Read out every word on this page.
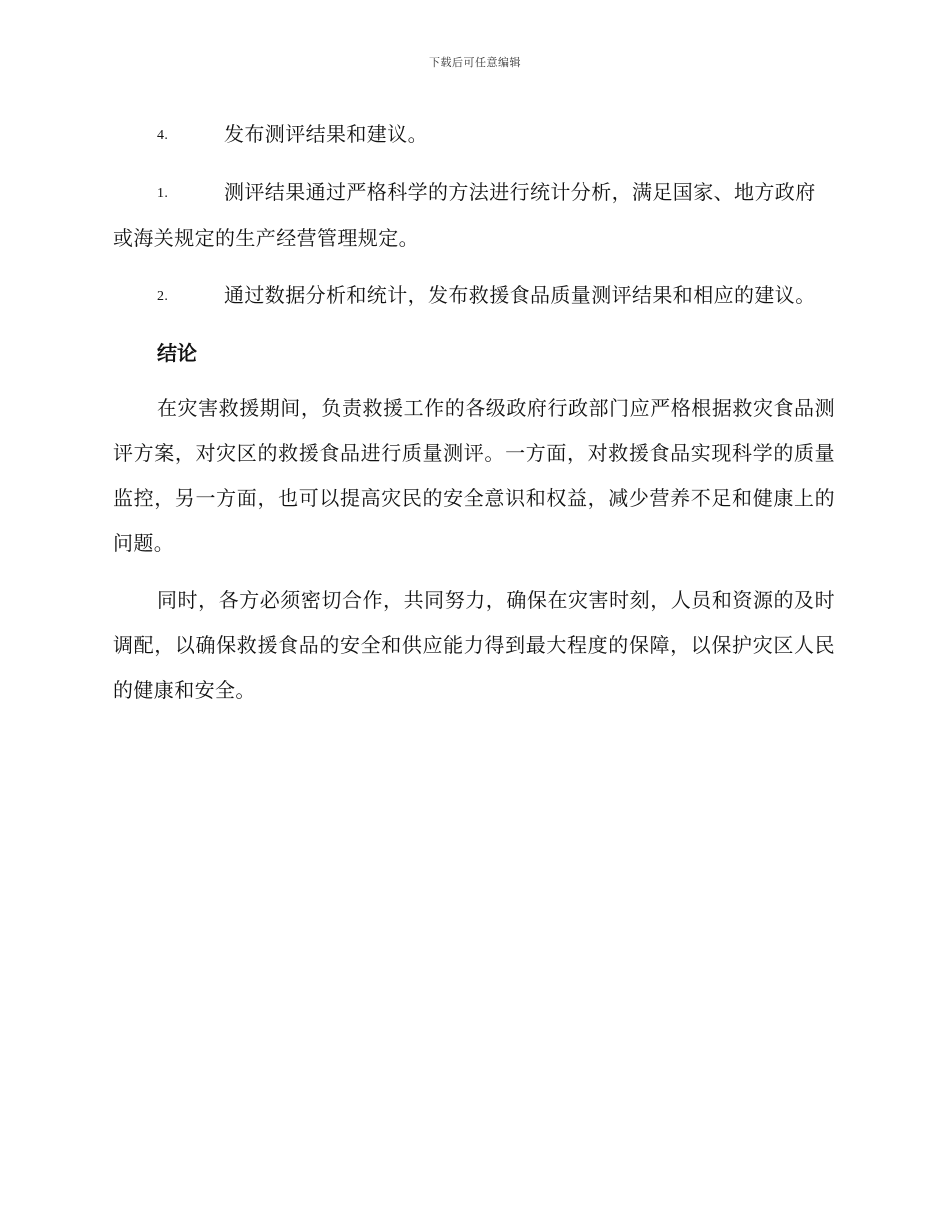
下载后可任意编辑

4.	发布测评结果和建议。

1.	测评结果通过严格科学的方法进行统计分析，满足国家、地方政府或海关规定的生产经营管理规定。

2.	通过数据分析和统计，发布救援食品质量测评结果和相应的建议。

结论

在灾害救援期间，负责救援工作的各级政府行政部门应严格根据救灾食品测评方案，对灾区的救援食品进行质量测评。一方面，对救援食品实现科学的质量监控，另一方面，也可以提高灾民的安全意识和权益，减少营养不足和健康上的问题。

同时，各方必须密切合作，共同努力，确保在灾害时刻，人员和资源的及时调配，以确保救援食品的安全和供应能力得到最大程度的保障，以保护灾区人民的健康和安全。
